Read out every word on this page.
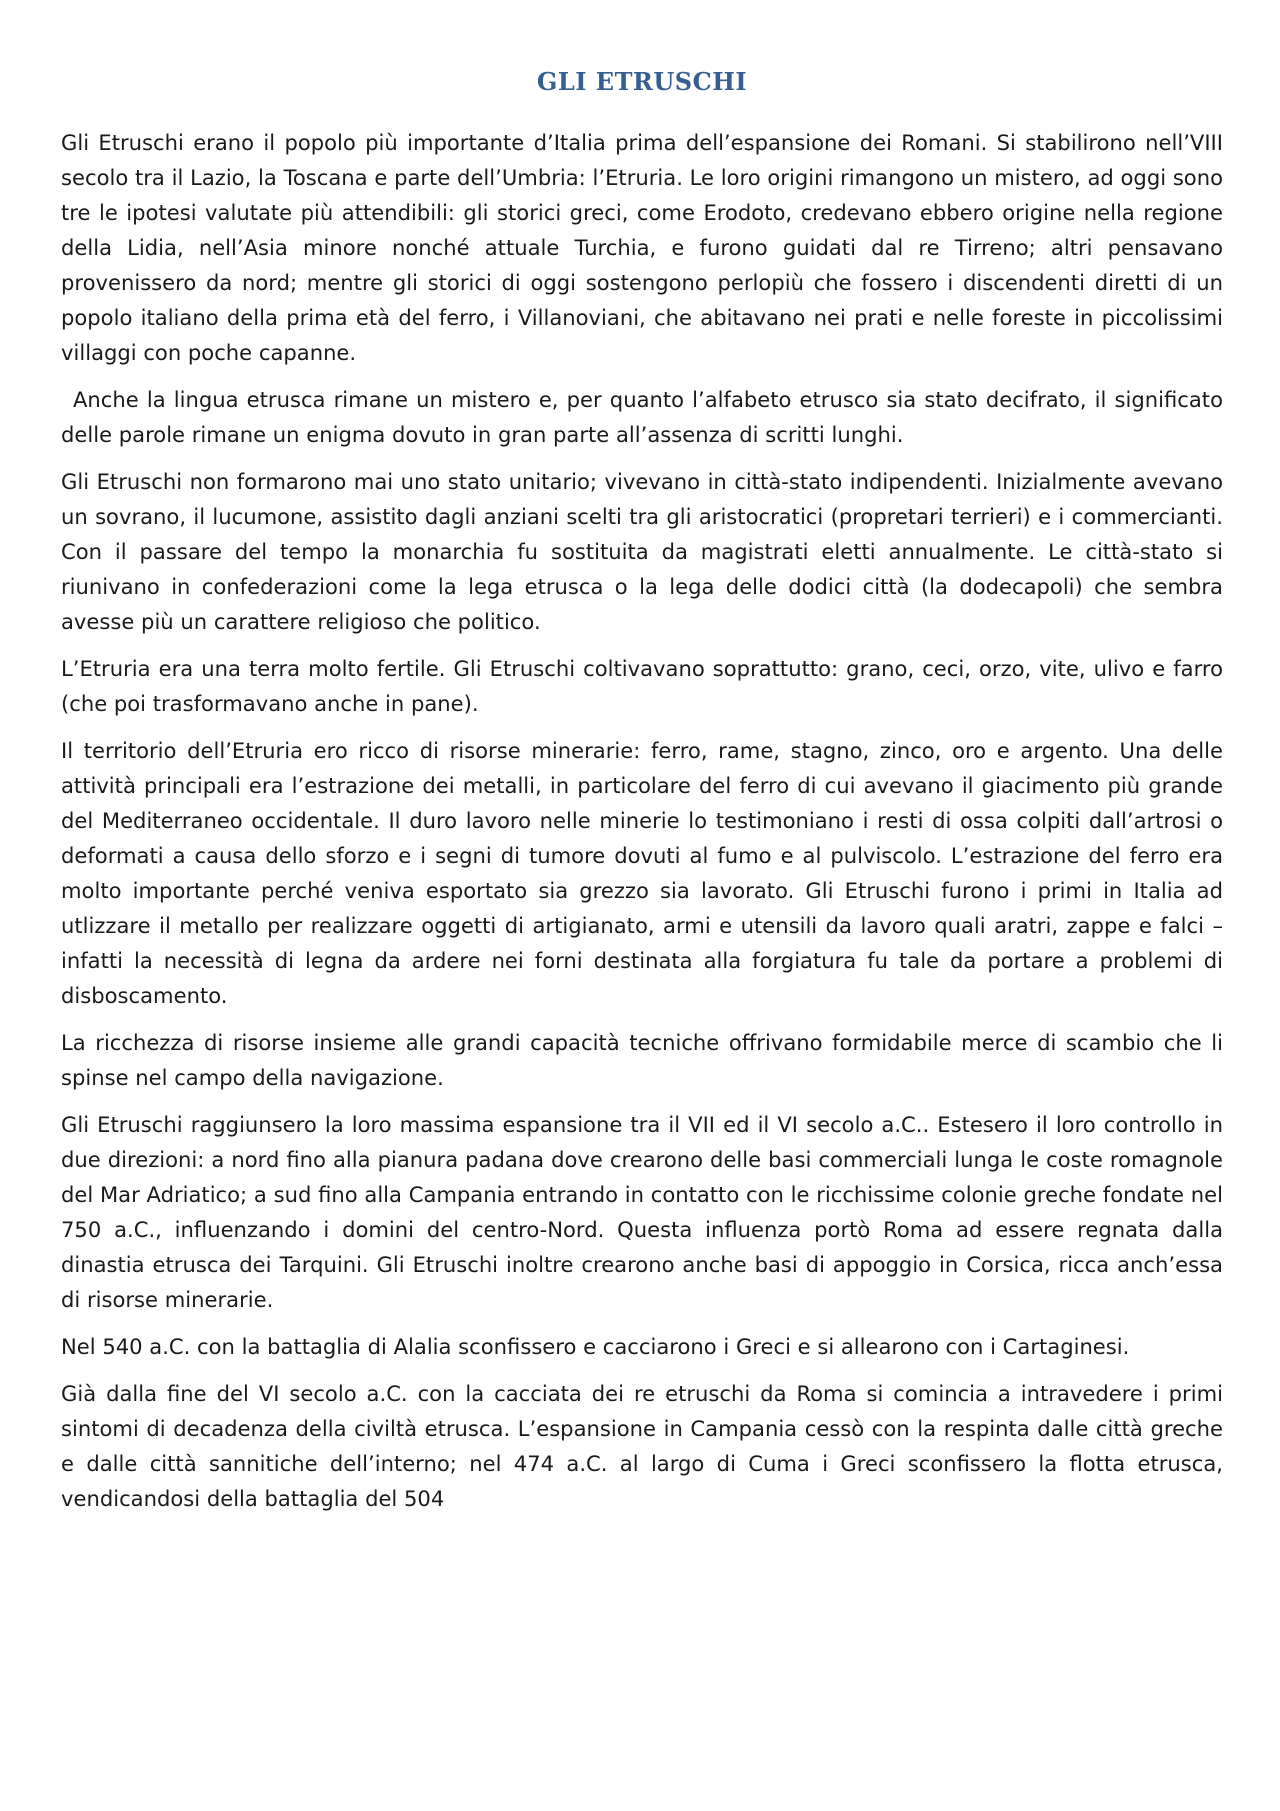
GLI ETRUSCHI

Gli Etruschi erano il popolo più importante d’Italia prima dell’espansione dei Romani. Si stabilirono nell’VIII secolo tra il Lazio, la Toscana e parte dell’Umbria: l’Etruria. Le loro origini rimangono un mistero, ad oggi sono tre le ipotesi valutate più attendibili: gli storici greci, come Erodoto, credevano ebbero origine nella regione della Lidia, nell’Asia minore nonché attuale Turchia, e furono guidati dal re Tirreno; altri pensavano provenissero da nord; mentre gli storici di oggi sostengono perlopiù che fossero i discendenti diretti di un popolo italiano della prima età del ferro, i Villanoviani, che abitavano nei prati e nelle foreste in piccolissimi villaggi con poche capanne.

Anche la lingua etrusca rimane un mistero e, per quanto l’alfabeto etrusco sia stato decifrato, il significato delle parole rimane un enigma dovuto in gran parte all’assenza di scritti lunghi.

Gli Etruschi non formarono mai uno stato unitario; vivevano in città-stato indipendenti. Inizialmente avevano un sovrano, il lucumone, assistito dagli anziani scelti tra gli aristocratici (propretari terrieri) e i commercianti. Con il passare del tempo la monarchia fu sostituita da magistrati eletti annualmente. Le città-stato si riunivano in confederazioni come la lega etrusca o la lega delle dodici città (la dodecapoli) che sembra avesse più un carattere religioso che politico.

L’Etruria era una terra molto fertile. Gli Etruschi coltivavano soprattutto: grano, ceci, orzo, vite, ulivo e farro (che poi trasformavano anche in pane).

Il territorio dell’Etruria ero ricco di risorse minerarie: ferro, rame, stagno, zinco, oro e argento. Una delle attività principali era l’estrazione dei metalli, in particolare del ferro di cui avevano il giacimento più grande del Mediterraneo occidentale. Il duro lavoro nelle minerie lo testimoniano i resti di ossa colpiti dall’artrosi o deformati a causa dello sforzo e i segni di tumore dovuti al fumo e al pulviscolo. L’estrazione del ferro era molto importante perché veniva esportato sia grezzo sia lavorato. Gli Etruschi furono i primi in Italia ad utlizzare il metallo per realizzare oggetti di artigianato, armi e utensili da lavoro quali aratri, zappe e falci – infatti la necessità di legna da ardere nei forni destinata alla forgiatura fu tale da portare a problemi di disboscamento.

La ricchezza di risorse insieme alle grandi capacità tecniche offrivano formidabile merce di scambio che li spinse nel campo della navigazione.

Gli Etruschi raggiunsero la loro massima espansione tra il VII ed il VI secolo a.C.. Estesero il loro controllo in due direzioni: a nord fino alla pianura padana dove crearono delle basi commerciali lunga le coste romagnole del Mar Adriatico; a sud fino alla Campania entrando in contatto con le ricchissime colonie greche fondate nel 750 a.C., influenzando i domini del centro-Nord. Questa influenza portò Roma ad essere regnata dalla dinastia etrusca dei Tarquini. Gli Etruschi inoltre crearono anche basi di appoggio in Corsica, ricca anch’essa di risorse minerarie.

Nel 540 a.C. con la battaglia di Alalia sconfissero e cacciarono i Greci e si allearono con i Cartaginesi.

Già dalla fine del VI secolo a.C. con la cacciata dei re etruschi da Roma si comincia a intravedere i primi sintomi di decadenza della civiltà etrusca. L’espansione in Campania cessò con la respinta dalle città greche e dalle città sannitiche dell’interno; nel 474 a.C. al largo di Cuma i Greci sconfissero la flotta etrusca, vendicandosi della battaglia del 504
